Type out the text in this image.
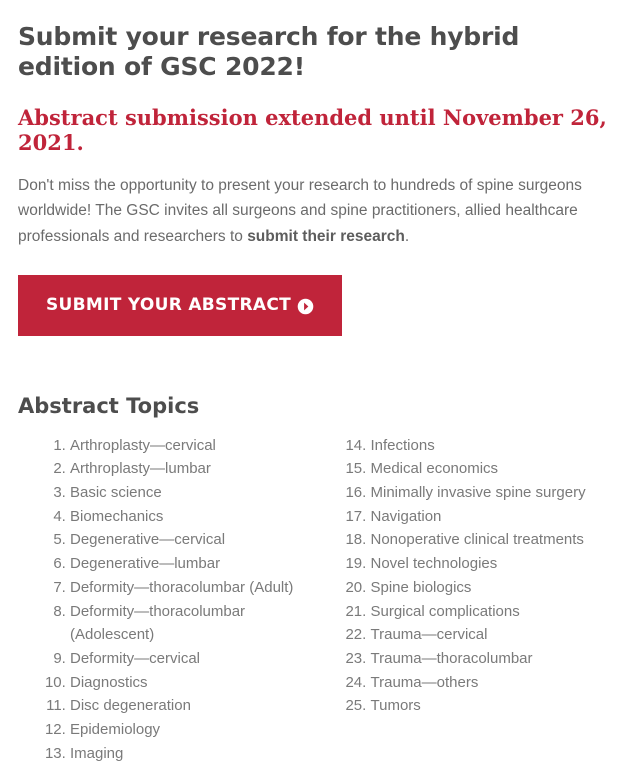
Submit your research for the hybrid edition of GSC 2022!
Abstract submission extended until November 26, 2021.

Don't miss the opportunity to present your research to hundreds of spine surgeons worldwide! The GSC invites all surgeons and spine practitioners, allied healthcare professionals and researchers to submit their research.

SUBMIT YOUR ABSTRACT
Abstract Topics
1. Arthroplasty—cervical
2. Arthroplasty—lumbar
3. Basic science
4. Biomechanics
5. Degenerative—cervical
6. Degenerative—lumbar
7. Deformity—thoracolumbar (Adult)
8. Deformity—thoracolumbar (Adolescent)
9. Deformity—cervical
10. Diagnostics
11. Disc degeneration
12. Epidemiology
13. Imaging
14. Infections
15. Medical economics
16. Minimally invasive spine surgery
17. Navigation
18. Nonoperative clinical treatments
19. Novel technologies
20. Spine biologics
21. Surgical complications
22. Trauma—cervical
23. Trauma—thoracolumbar
24. Trauma—others
25. Tumors
